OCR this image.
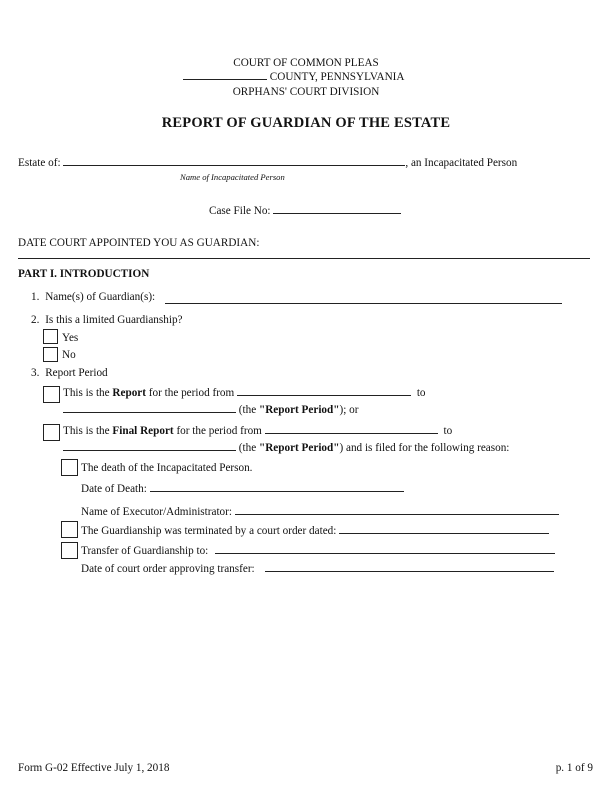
COURT OF COMMON PLEAS
COUNTY, PENNSYLVANIA
ORPHANS' COURT DIVISION
REPORT OF GUARDIAN OF THE ESTATE
Estate of:	, an Incapacitated Person
Name of Incapacitated Person
Case File No:
DATE COURT APPOINTED YOU AS GUARDIAN:
PART I. INTRODUCTION
1. Name(s) of Guardian(s):
2. Is this a limited Guardianship?
Yes
No
3. Report Period
This is the Report for the period from	to
(the "Report Period"); or
This is the Final Report for the period from	to
(the "Report Period") and is filed for the following reason:
The death of the Incapacitated Person.
Date of Death:
Name of Executor/Administrator:
The Guardianship was terminated by a court order dated:
Transfer of Guardianship to:
Date of court order approving transfer:
Form G-02 Effective July 1, 2018	p. 1 of 9
